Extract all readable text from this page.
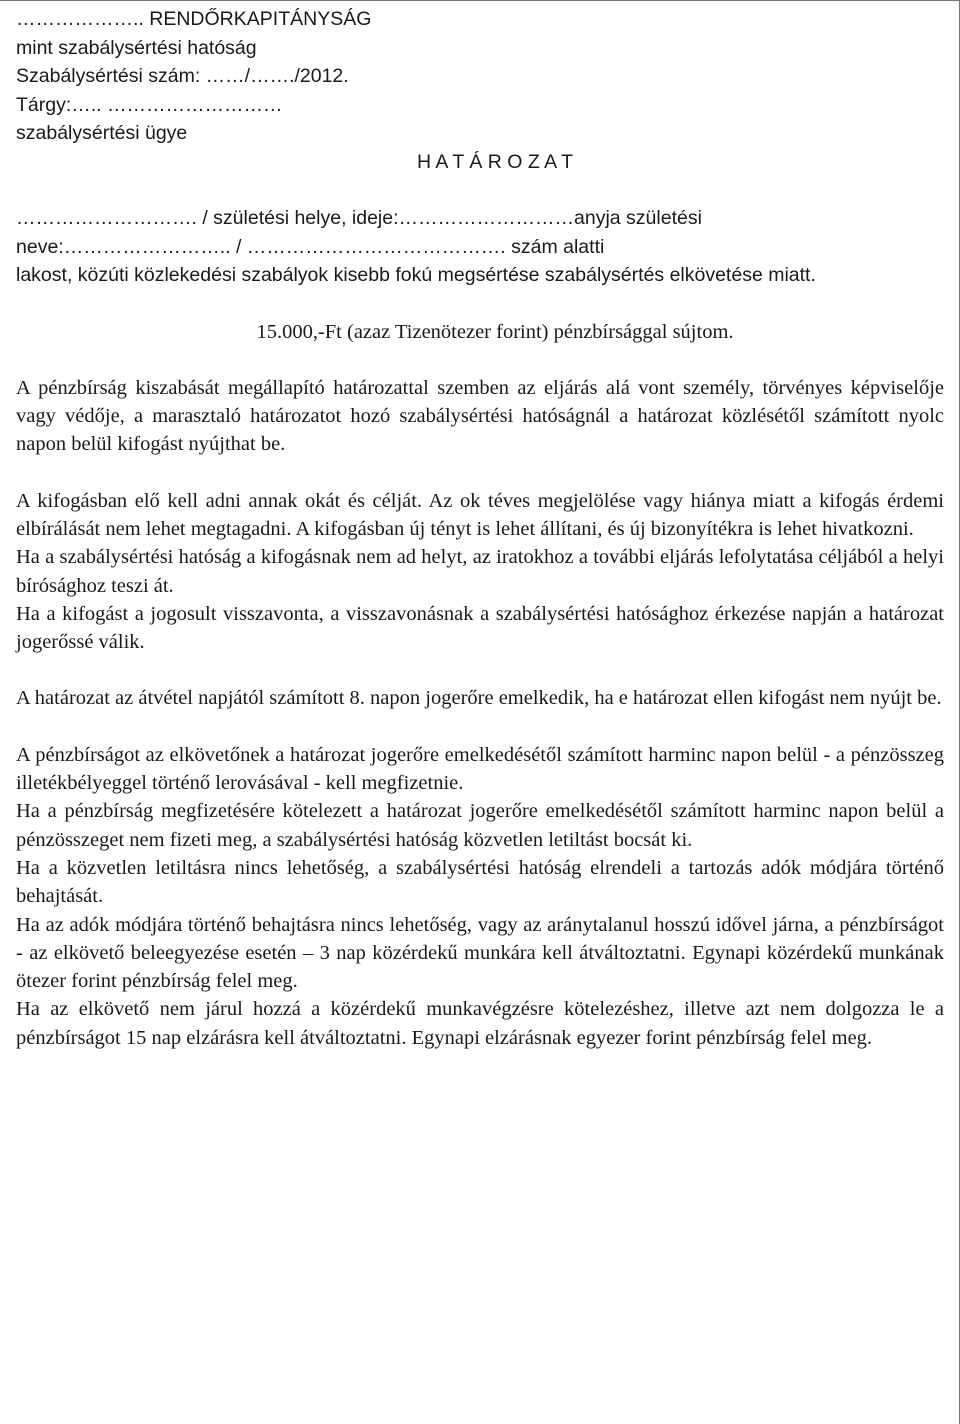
……………….. RENDŐRKAPITÁNYSÁG
mint szabálysértési hatóság
Szabálysértési szám: ……/……./2012.
Tárgy:….. ………………………
szabálysértési ügye
H A T Á R O Z A T
………………………. / születési helye, ideje:………………………anyja születési
neve:…………………….. / …………………………………. szám alatti
lakost, közúti közlekedési szabályok kisebb fokú megsértése szabálysértés elkövetése miatt.
15.000,-Ft (azaz Tizenötezer forint) pénzbírsággal sújtom.

A pénzbírság kiszabását megállapító határozattal szemben az eljárás alá vont személy, törvényes képviselője vagy védője, a marasztaló határozatot hozó szabálysértési hatóságnál a határozat közlésétől számított nyolc napon belül kifogást nyújthat be.

A kifogásban elő kell adni annak okát és célját. Az ok téves megjelölése vagy hiánya miatt a kifogás érdemi elbírálását nem lehet megtagadni. A kifogásban új tényt is lehet állítani, és új bizonyítékra is lehet hivatkozni.

Ha a szabálysértési hatóság a kifogásnak nem ad helyt, az iratokhoz a további eljárás lefolytatása céljából a helyi bírósághoz teszi át.

Ha a kifogást a jogosult visszavonta, a visszavonásnak a szabálysértési hatósághoz érkezése napján a határozat jogerőssé válik.

A határozat az átvétel napjától számított 8. napon jogerőre emelkedik, ha e határozat ellen kifogást nem nyújt be.

A pénzbírságot az elkövetőnek a határozat jogerőre emelkedésétől számított harminc napon belül - a pénzösszeg illetékbélyeggel történő lerovásával - kell megfizetnie.

Ha a pénzbírság megfizetésére kötelezett a határozat jogerőre emelkedésétől számított harminc napon belül a pénzösszeget nem fizeti meg, a szabálysértési hatóság közvetlen letiltást bocsát ki.

Ha a közvetlen letiltásra nincs lehetőség, a szabálysértési hatóság elrendeli a tartozás adók módjára történő behajtását.

Ha az adók módjára történő behajtásra nincs lehetőség, vagy az aránytalanul hosszú idővel járna, a pénzbírságot - az elkövető beleegyezése esetén – 3 nap közérdekű munkára kell átváltoztatni. Egynapi közérdekű munkának ötezer forint pénzbírság felel meg.

Ha az elkövető nem járul hozzá a közérdekű munkavégzésre kötelezéshez, illetve azt nem dolgozza le a pénzbírságot 15 nap elzárásra kell átváltoztatni. Egynapi elzárásnak egyezer forint pénzbírság felel meg.
